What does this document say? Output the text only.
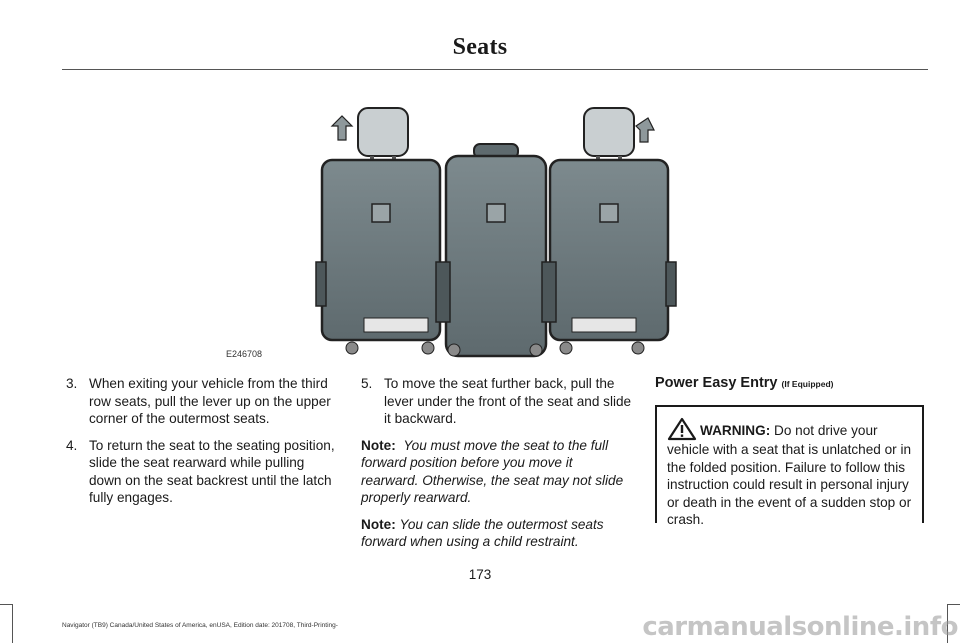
Seats
E246708
3. When exiting your vehicle from the third row seats, pull the lever up on the upper corner of the outermost seats.
4. To return the seat to the seating position, slide the seat rearward while pulling down on the seat backrest until the latch fully engages.
5. To move the seat further back, pull the lever under the front of the seat and slide it backward.

Note: You must move the seat to the full forward position before you move it rearward. Otherwise, the seat may not slide properly rearward.

Note: You can slide the outermost seats forward when using a child restraint.

Power Easy Entry (If Equipped)
WARNING: Do not drive your vehicle with a seat that is unlatched or in the folded position. Failure to follow this instruction could result in personal injury or death in the event of a sudden stop or crash.
173
Navigator (TB9) Canada/United States of America, enUSA, Edition date: 201708, Third-Printing-	carmanualsonline.info
